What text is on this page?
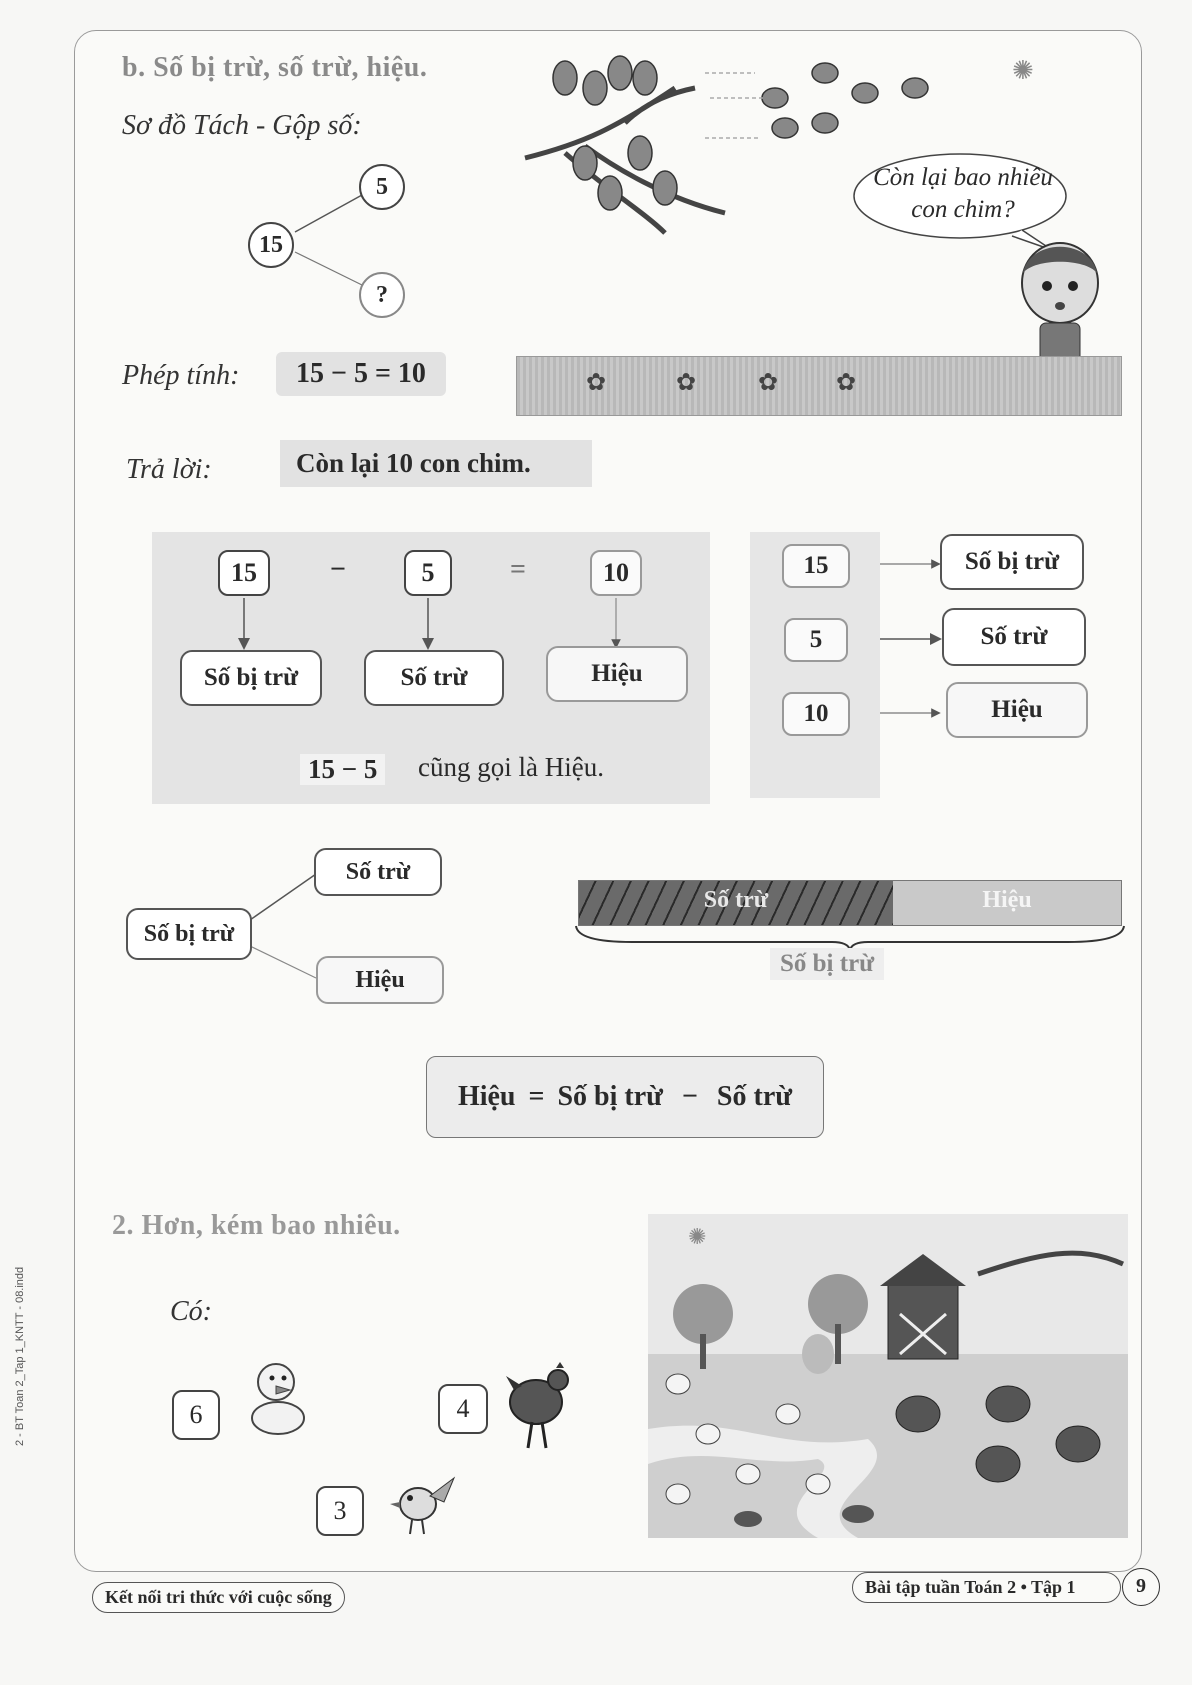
2 - BT Toan 2_Tap 1_KNTT - 08.indd
b. Số bị trừ, số trừ, hiệu.
Sơ đồ Tách - Gộp số:
15
5
?
✺
Còn lại bao nhiêu con chim?
Phép tính:	15 − 5 = 10	✿	✿	✿ ✿
Trả lời:	Còn lại 10 con chim.
15	−	5	=	10
Số bị trừ	Số trừ	Hiệu
15 − 5 cũng gọi là Hiệu.
15
5
10
Số bị trừ
Số trừ
Hiệu
Số bị trừ
Số trừ
Hiệu
Số trừ	Hiệu
Số bị trừ
Hiệu = Số bị trừ − Số trừ
2. Hơn, kém bao nhiêu.
Có:
6	4
3
✺
Kết nối tri thức với cuộc sống	Bài tập tuần Toán 2 • Tập 1	9
